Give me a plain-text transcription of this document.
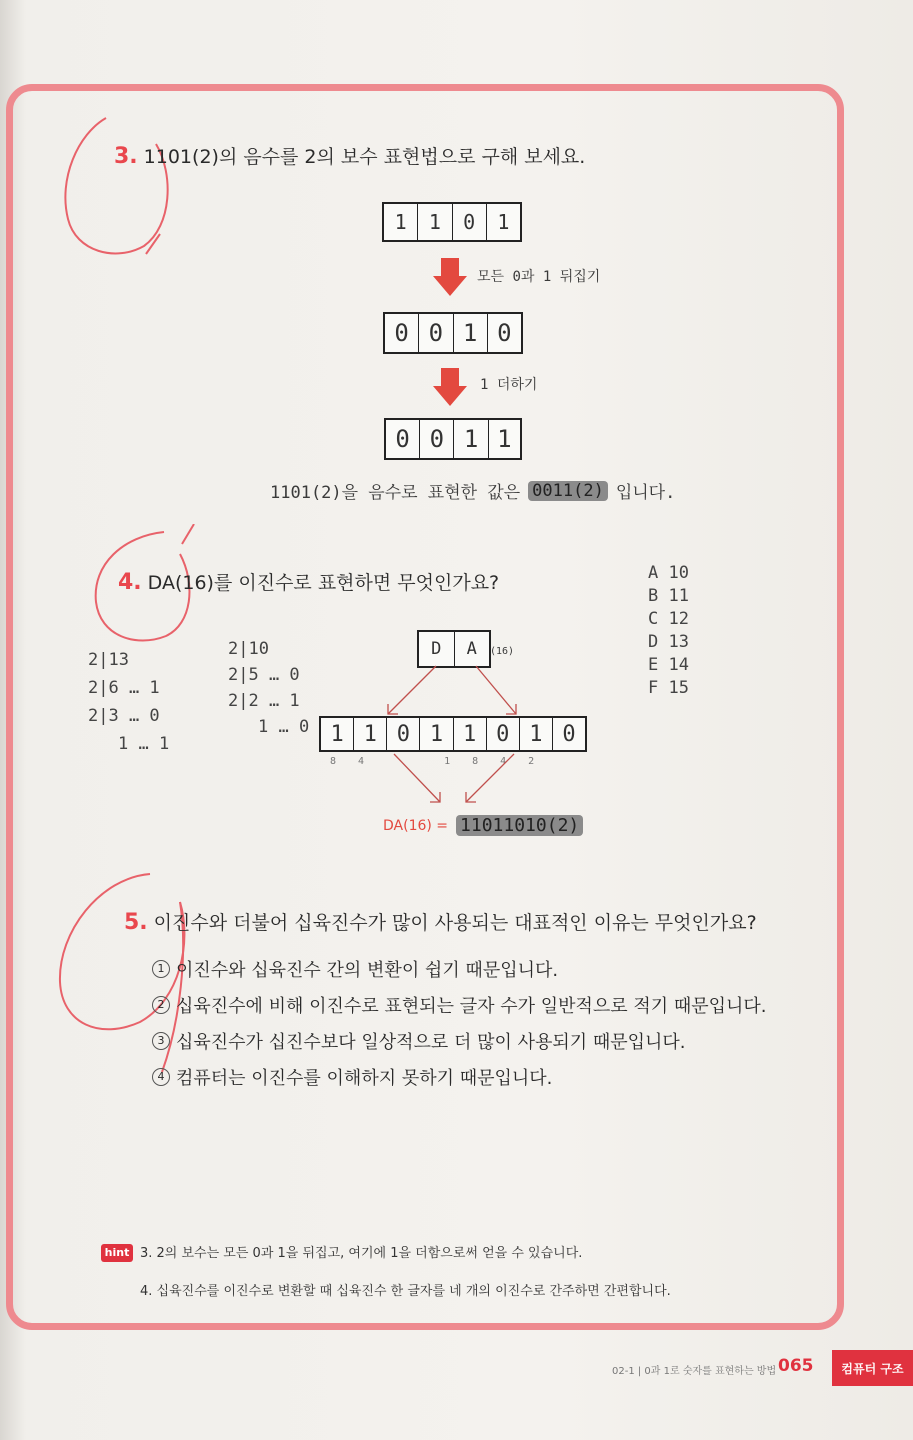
3. 1101(2)의 음수를 2의 보수 표현법으로 구해 보세요.
1	1	0	1
모든 0과 1 뒤집기
0 0 1 0
1 더하기
0 0 1 1
1101(2)을 음수로 표현한 값은 0011(2) 입니다.
4. DA(16)를 이진수로 표현하면 무엇인가요?	A 10
B 11
C 12
D 13
E 14
F 15
2|13
2|6 … 1
2|3 … 0
1 … 1
2|10
2|5 … 0
2|2 … 1
1 … 0
D	A	(16)
1 1 0 1 1 0 1 0
8 4	1 8 4 2
DA(16) = 11011010(2)
5. 이진수와 더불어 십육진수가 많이 사용되는 대표적인 이유는 무엇인가요?
1 이진수와 십육진수 간의 변환이 쉽기 때문입니다.
2 십육진수에 비해 이진수로 표현되는 글자 수가 일반적으로 적기 때문입니다.
3 십육진수가 십진수보다 일상적으로 더 많이 사용되기 때문입니다.
4 컴퓨터는 이진수를 이해하지 못하기 때문입니다.
hint 3. 2의 보수는 모든 0과 1을 뒤집고, 여기에 1을 더함으로써 얻을 수 있습니다.
4. 십육진수를 이진수로 변환할 때 십육진수 한 글자를 네 개의 이진수로 간주하면 간편합니다.
02-1 | 0과 1로 숫자를 표현하는 방법 065	컴퓨터 구조
